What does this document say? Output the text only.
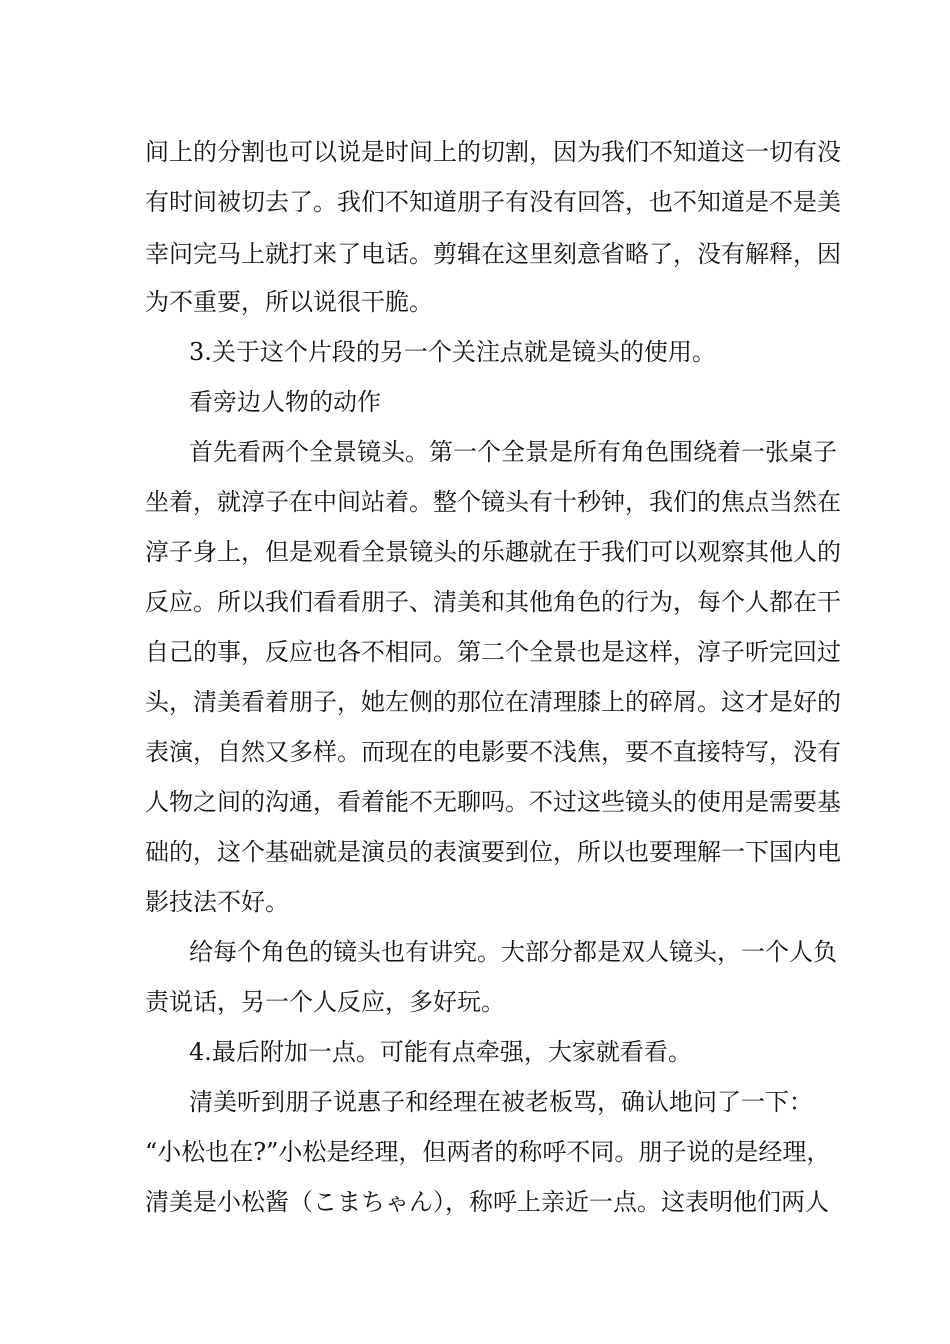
间上的分割也可以说是时间上的切割，因为我们不知道这一切有没
有时间被切去了。我们不知道朋子有没有回答，也不知道是不是美
幸问完马上就打来了电话。剪辑在这里刻意省略了，没有解释，因
为不重要，所以说很干脆。
3.关于这个片段的另一个关注点就是镜头的使用。
看旁边人物的动作
首先看两个全景镜头。第一个全景是所有角色围绕着一张桌子
坐着，就淳子在中间站着。整个镜头有十秒钟，我们的焦点当然在
淳子身上，但是观看全景镜头的乐趣就在于我们可以观察其他人的
反应。所以我们看看朋子、清美和其他角色的行为，每个人都在干
自己的事，反应也各不相同。第二个全景也是这样，淳子听完回过
头，清美看着朋子，她左侧的那位在清理膝上的碎屑。这才是好的
表演，自然又多样。而现在的电影要不浅焦，要不直接特写，没有
人物之间的沟通，看着能不无聊吗。不过这些镜头的使用是需要基
础的，这个基础就是演员的表演要到位，所以也要理解一下国内电
影技法不好。
给每个角色的镜头也有讲究。大部分都是双人镜头，一个人负
责说话，另一个人反应，多好玩。
4.最后附加一点。可能有点牵强，大家就看看。
清美听到朋子说惠子和经理在被老板骂，确认地问了一下：
“小松也在?”小松是经理，但两者的称呼不同。朋子说的是经理，
清美是小松酱（こまちゃん），称呼上亲近一点。这表明他们两人
